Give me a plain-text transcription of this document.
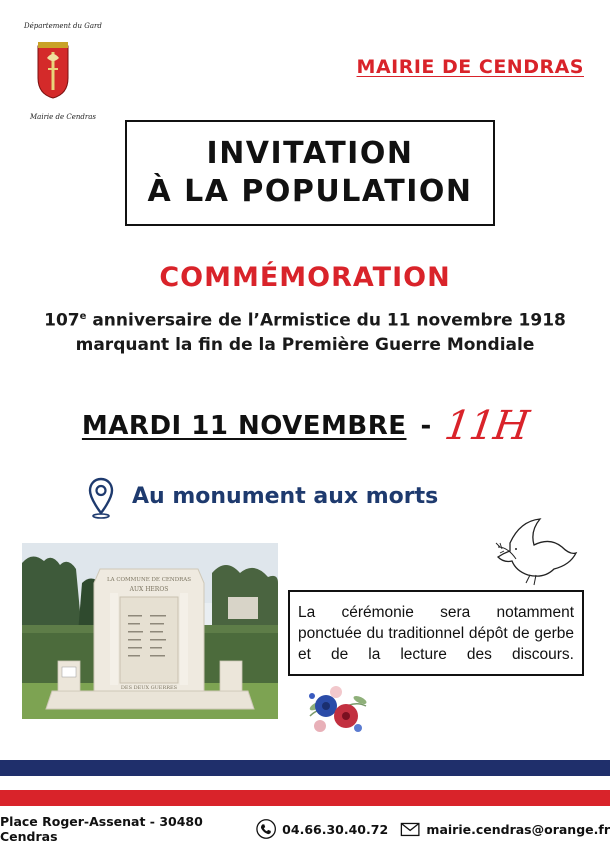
Département du Gard
Mairie de Cendras
MAIRIE DE CENDRAS
INVITATION
À LA POPULATION
COMMÉMORATION
107e anniversaire de l’Armistice du 11 novembre 1918
marquant la fin de la Première Guerre Mondiale
MARDI 11 NOVEMBRE - 11H
Au monument aux morts
LA COMMUNE DE CENDRAS
AUX HEROS
DES DEUX GUERRES
La cérémonie sera notamment ponctuée du traditionnel dépôt de gerbe et de la lecture des discours.
Place Roger-Assenat - 30480 Cendras	04.66.30.40.72	mairie.cendras@orange.fr
